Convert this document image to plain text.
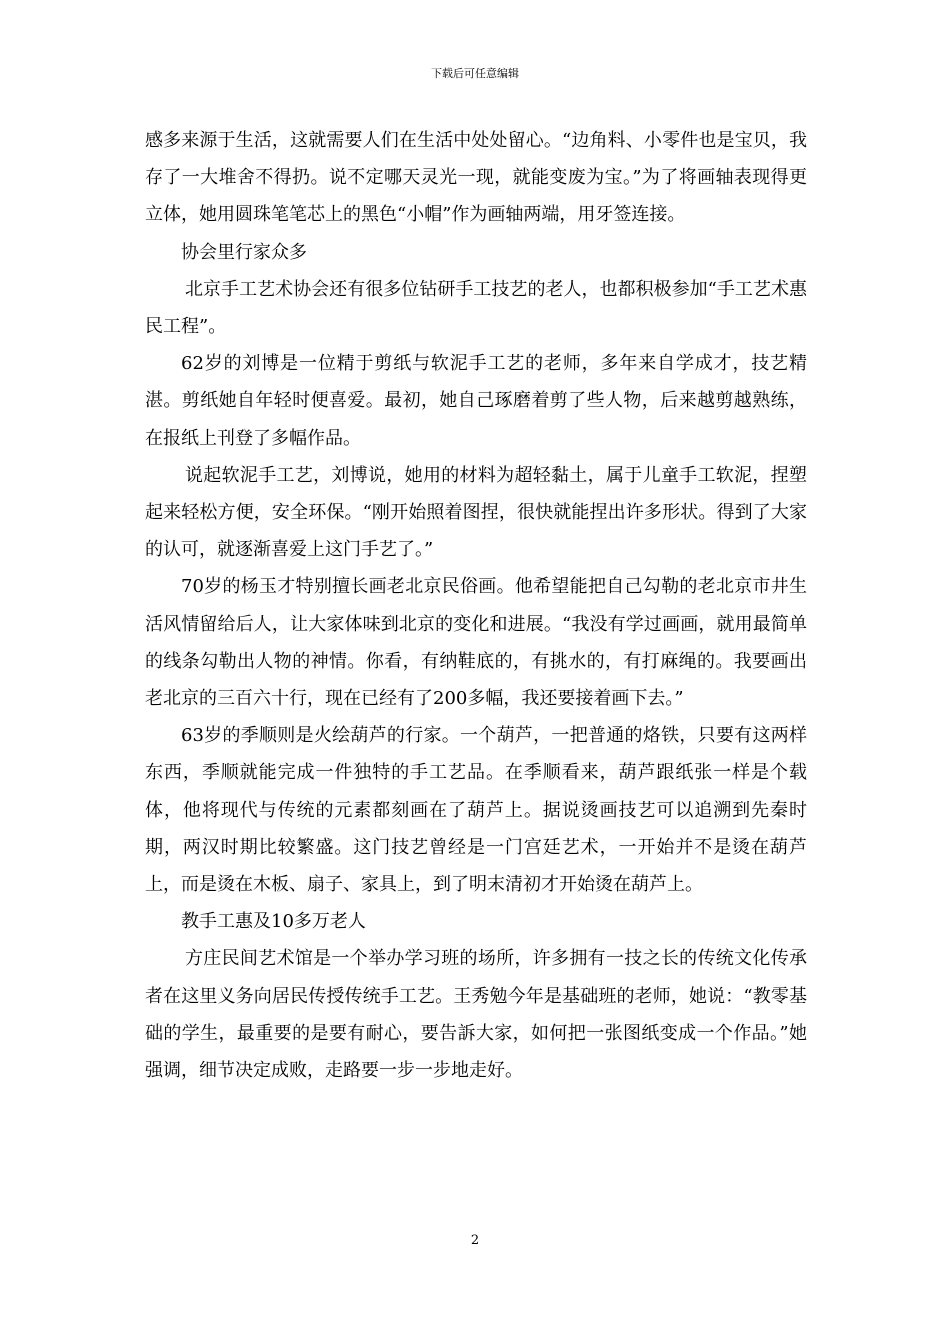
下载后可任意编辑

感多来源于生活，这就需要人们在生活中处处留心。“边角料、小零件也是宝贝，我存了一大堆舍不得扔。说不定哪天灵光一现，就能变废为宝。”为了将画轴表现得更立体，她用圆珠笔笔芯上的黑色“小帽”作为画轴两端，用牙签连接。

协会里行家众多

北京手工艺术协会还有很多位钻研手工技艺的老人，也都积极参加“手工艺术惠民工程”。

62岁的刘博是一位精于剪纸与软泥手工艺的老师，多年来自学成才，技艺精湛。剪纸她自年轻时便喜爱。最初，她自己琢磨着剪了些人物，后来越剪越熟练，在报纸上刊登了多幅作品。

说起软泥手工艺，刘博说，她用的材料为超轻黏土，属于儿童手工软泥，捏塑起来轻松方便，安全环保。“刚开始照着图捏，很快就能捏出许多形状。得到了大家的认可，就逐渐喜爱上这门手艺了。”

70岁的杨玉才特别擅长画老北京民俗画。他希望能把自己勾勒的老北京市井生活风情留给后人，让大家体味到北京的变化和进展。“我没有学过画画，就用最简单的线条勾勒出人物的神情。你看，有纳鞋底的，有挑水的，有打麻绳的。我要画出老北京的三百六十行，现在已经有了200多幅，我还要接着画下去。”

63岁的季顺则是火绘葫芦的行家。一个葫芦，一把普通的烙铁，只要有这两样东西，季顺就能完成一件独特的手工艺品。在季顺看来，葫芦跟纸张一样是个载体，他将现代与传统的元素都刻画在了葫芦上。据说烫画技艺可以追溯到先秦时期，两汉时期比较繁盛。这门技艺曾经是一门宫廷艺术，一开始并不是烫在葫芦上，而是烫在木板、扇子、家具上，到了明末清初才开始烫在葫芦上。

教手工惠及10多万老人

方庄民间艺术馆是一个举办学习班的场所，许多拥有一技之长的传统文化传承者在这里义务向居民传授传统手工艺。王秀勉今年是基础班的老师，她说：“教零基础的学生，最重要的是要有耐心，要告訴大家，如何把一张图纸变成一个作品。”她强调，细节决定成败，走路要一步一步地走好。

2
